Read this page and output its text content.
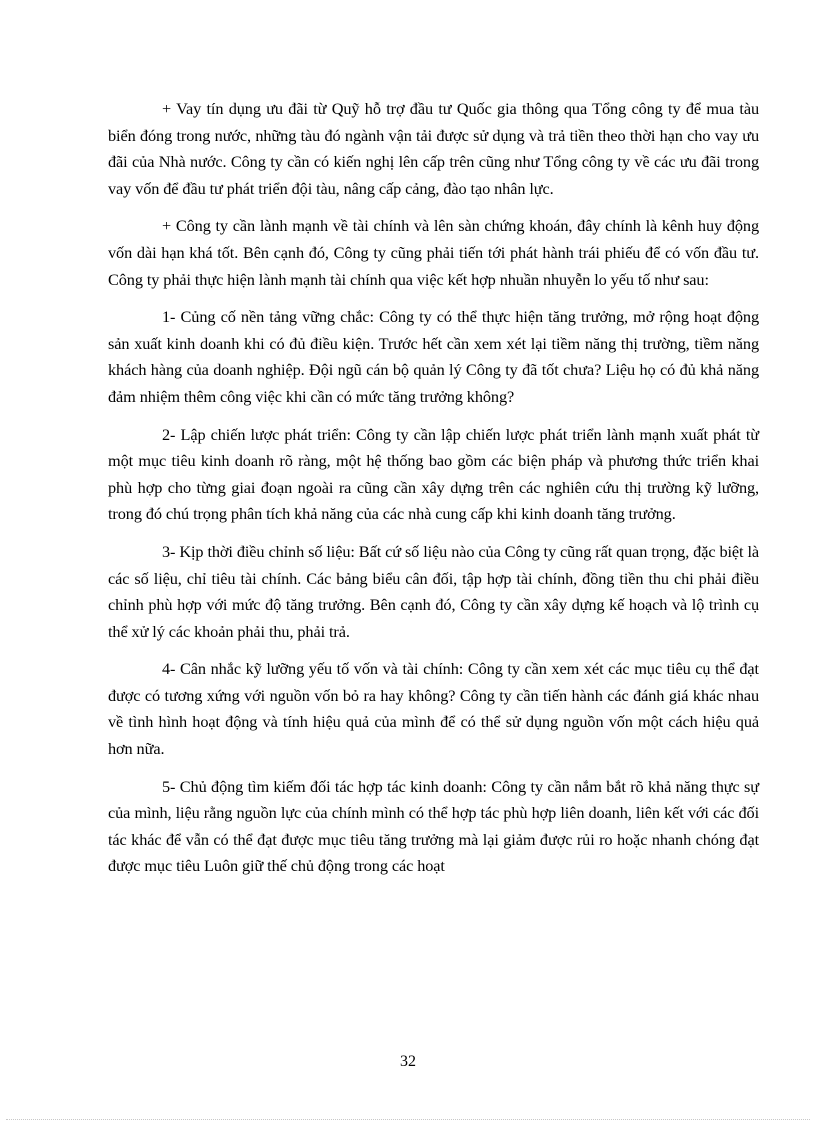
+ Vay tín dụng ưu đãi từ Quỹ hỗ trợ đầu tư Quốc gia thông qua Tổng công ty để mua tàu biển đóng trong nước, những tàu đó ngành vận tải được sử dụng và trả tiền theo thời hạn cho vay ưu đãi của Nhà nước. Công ty cần có kiến nghị lên cấp trên cũng như Tổng công ty về các ưu đãi trong vay vốn để đầu tư phát triển đội tàu, nâng cấp cảng, đào tạo nhân lực.

+ Công ty cần lành mạnh về tài chính và lên sàn chứng khoán, đây chính là kênh huy động vốn dài hạn khá tốt. Bên cạnh đó, Công ty cũng phải tiến tới phát hành trái phiếu để có vốn đầu tư. Công ty phải thực hiện lành mạnh tài chính qua việc kết hợp nhuần nhuyễn lo yếu tố như sau:

1- Củng cố nền tảng vững chắc: Công ty có thể thực hiện tăng trưởng, mở rộng hoạt động sản xuất kinh doanh khi có đủ điều kiện. Trước hết cần xem xét lại tiềm năng thị trường, tiềm năng khách hàng của doanh nghiệp. Đội ngũ cán bộ quản lý Công ty đã tốt chưa? Liệu họ có đủ khả năng đảm nhiệm thêm công việc khi cần có mức tăng trưởng không?

2- Lập chiến lược phát triển: Công ty cần lập chiến lược phát triển lành mạnh xuất phát từ một mục tiêu kinh doanh rõ ràng, một hệ thống bao gồm các biện pháp và phương thức triển khai phù hợp cho từng giai đoạn ngoài ra cũng cần xây dựng trên các nghiên cứu thị trường kỹ lưỡng, trong đó chú trọng phân tích khả năng của các nhà cung cấp khi kinh doanh tăng trưởng.

3- Kịp thời điều chỉnh số liệu: Bất cứ số liệu nào của Công ty cũng rất quan trọng, đặc biệt là các số liệu, chỉ tiêu tài chính. Các bảng biểu cân đối, tập hợp tài chính, đồng tiền thu chi phải điều chỉnh phù hợp với mức độ tăng trưởng. Bên cạnh đó, Công ty cần xây dựng kế hoạch và lộ trình cụ thể xử lý các khoản phải thu, phải trả.

4- Cân nhắc kỹ lưỡng yếu tố vốn và tài chính: Công ty cần xem xét các mục tiêu cụ thể đạt được có tương xứng với nguồn vốn bỏ ra hay không? Công ty cần tiến hành các đánh giá khác nhau về tình hình hoạt động và tính hiệu quả của mình để có thể sử dụng nguồn vốn một cách hiệu quả hơn nữa.

5- Chủ động tìm kiếm đối tác hợp tác kinh doanh: Công ty cần nắm bắt rõ khả năng thực sự của mình, liệu rằng nguồn lực của chính mình có thể hợp tác phù hợp liên doanh, liên kết với các đối tác khác để vẫn có thể đạt được mục tiêu tăng trưởng mà lại giảm được rủi ro hoặc nhanh chóng đạt được mục tiêu Luôn giữ thế chủ động trong các hoạt

32
